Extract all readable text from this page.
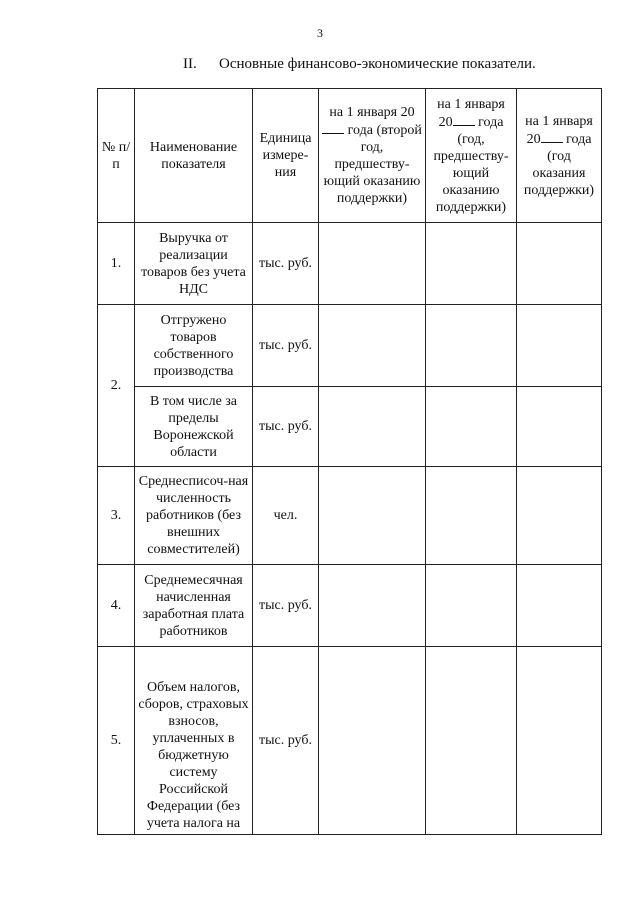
3
II. Основные финансово-экономические показатели.
№ п/п	Наименование показателя	Единица измере-ния	на 1 января 20 года (второй год, предшеству-ющий оказанию поддержки)	на 1 января 20 года (год, предшеству-ющий оказанию поддержки)	на 1 января 20 года (год оказания поддержки)
1.	Выручка от реализации товаров без учета НДС	тыс. руб.			
2.	Отгружено товаров собственного производства	тыс. руб.			
	В том числе за пределы Воронежской области	тыс. руб.			
3.	Среднесписоч-ная численность работников (без внешних совместителей)	чел.			
4.	Среднемесячная начисленная заработная плата работников	тыс. руб.			
5.	Объем налогов, сборов, страховых взносов, уплаченных в бюджетную систему Российской Федерации (без учета налога на	тыс. руб.			
